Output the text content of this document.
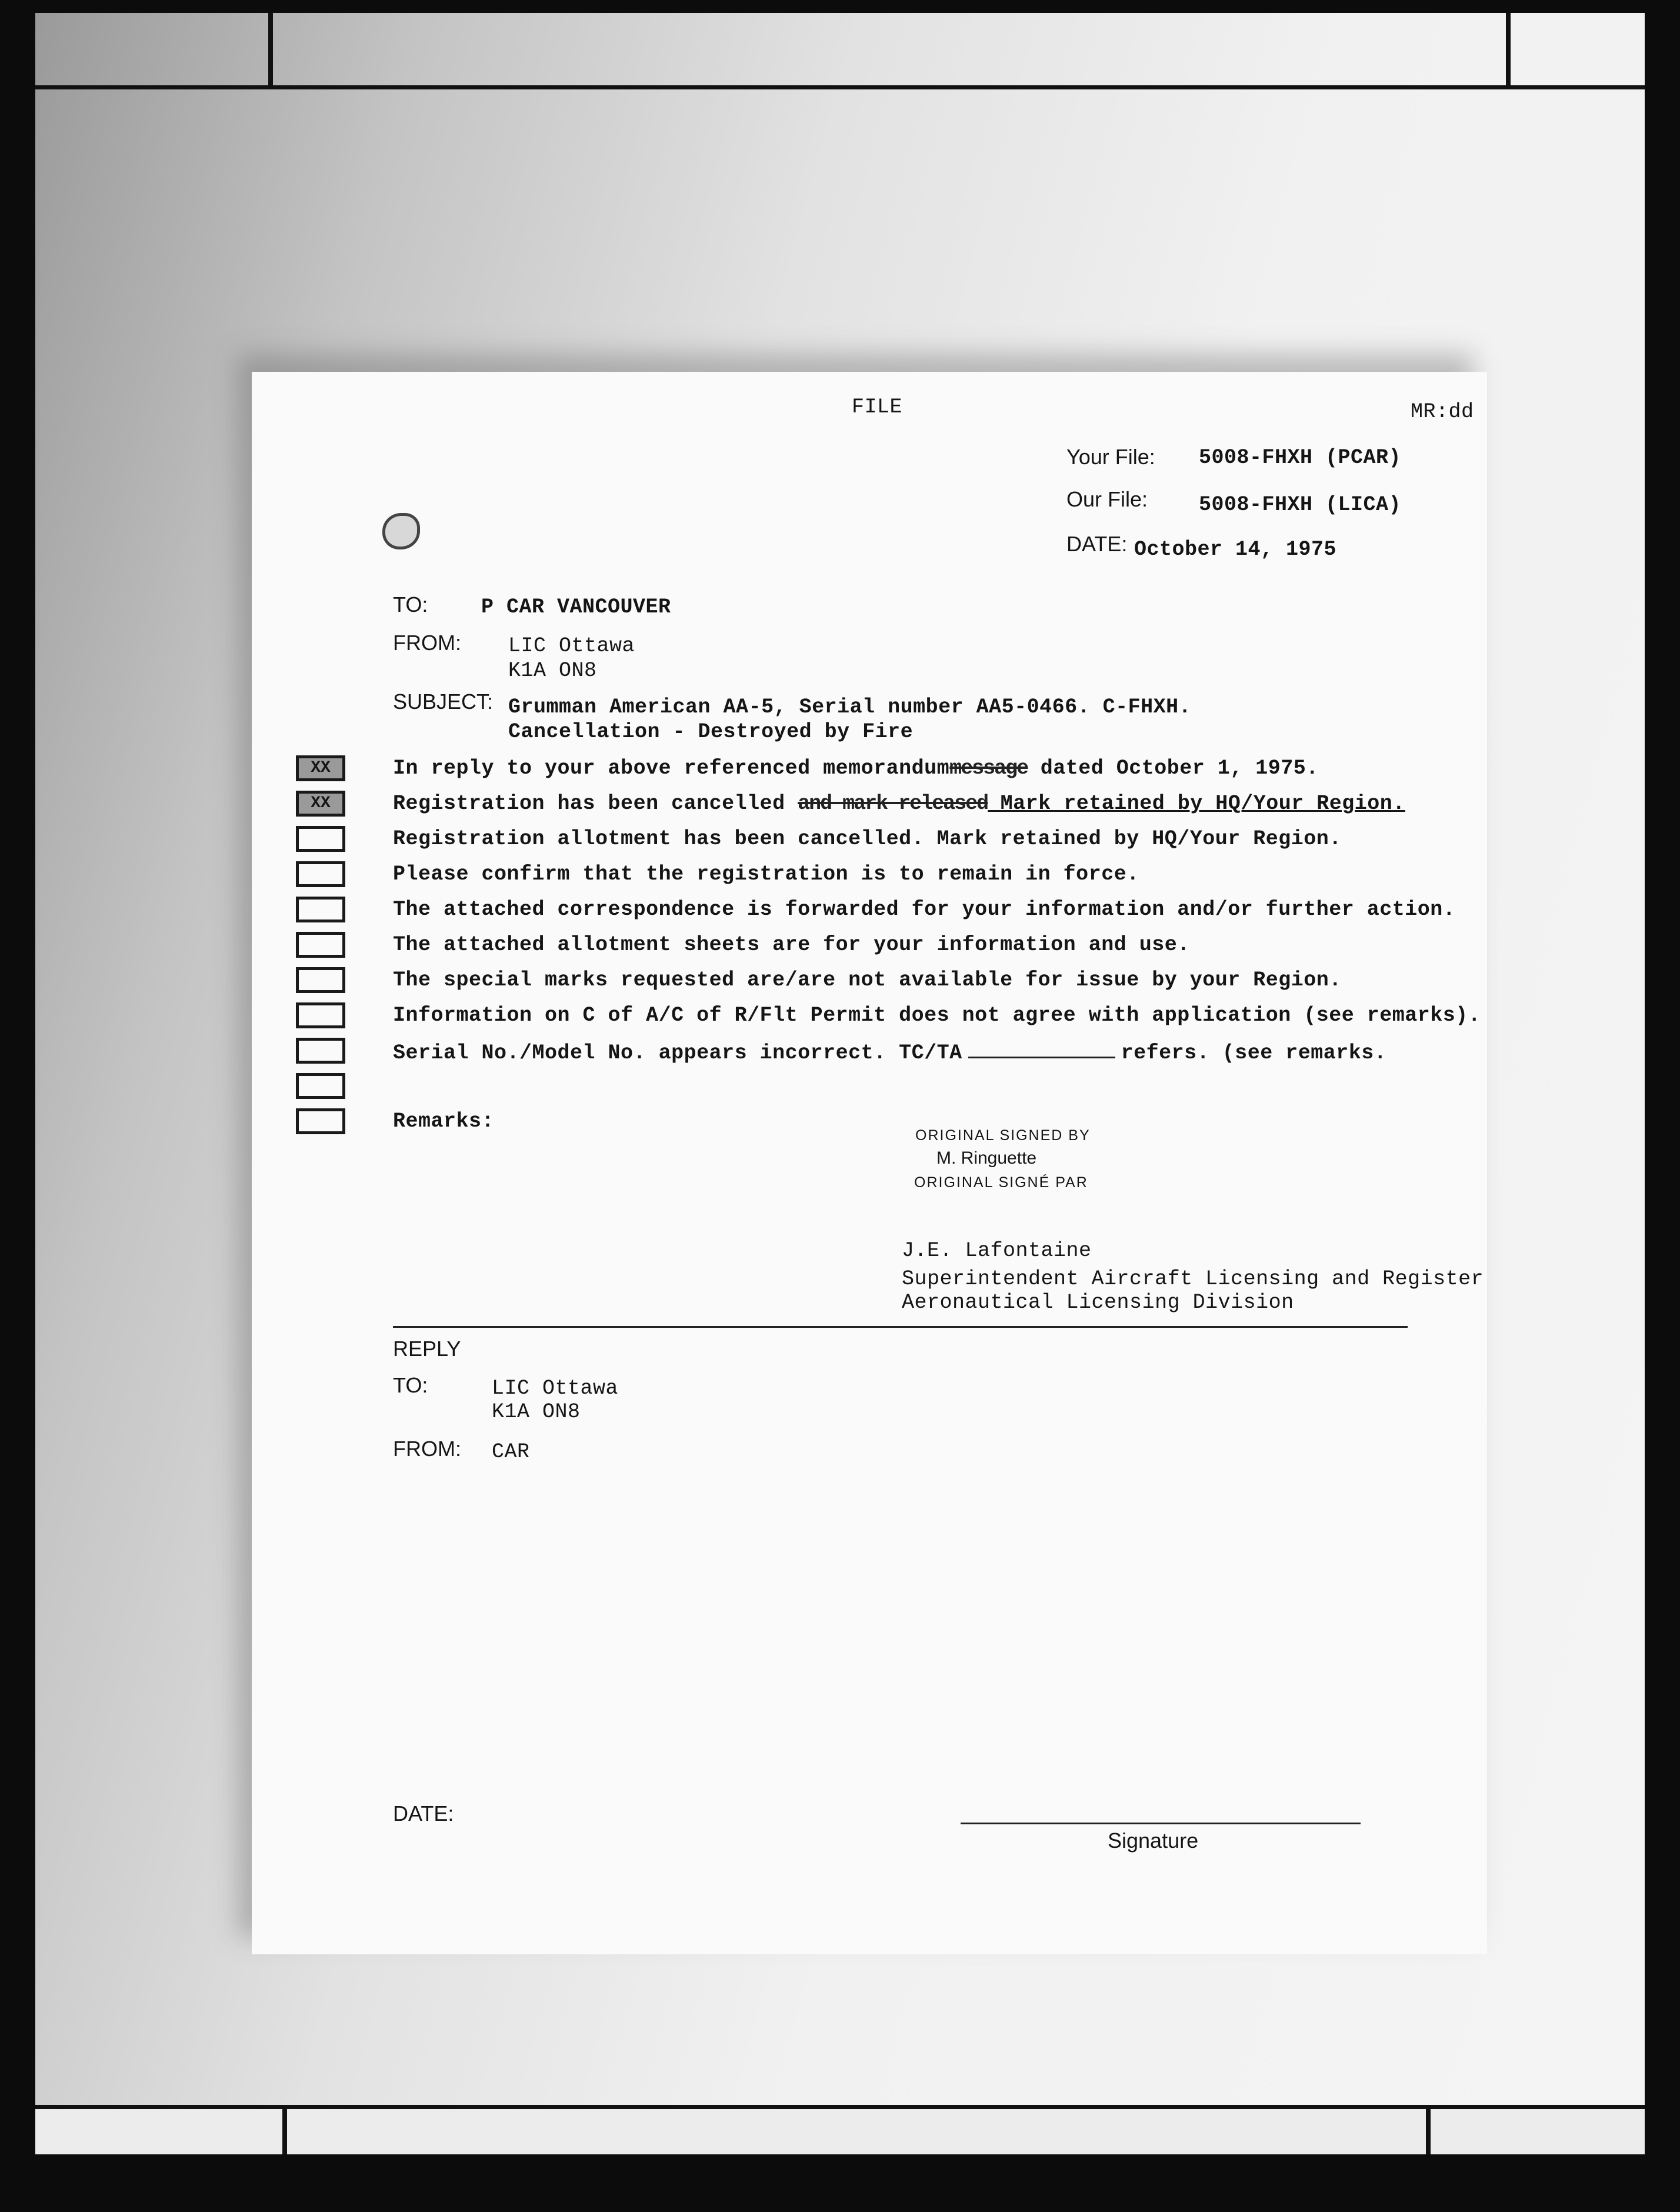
FILE	MR:dd
Your File: 5008-FHXH (PCAR)
Our File: 5008-FHXH (LICA)
DATE: October 14, 1975
TO:	P CAR VANCOUVER
FROM: LIC Ottawa
K1A ON8
SUBJECT: Grumman American AA-5, Serial number AA5-0466. C-FHXH.
Cancellation - Destroyed by Fire
XX
XX
In reply to your above referenced memorandummessage dated October 1, 1975.
Registration has been cancelled and mark released Mark retained by HQ/Your Region.
Registration allotment has been cancelled. Mark retained by HQ/Your Region.
Please confirm that the registration is to remain in force.
The attached correspondence is forwarded for your information and/or further action.
The attached allotment sheets are for your information and use.
The special marks requested are/are not available for issue by your Region.
Information on C of A/C of R/Flt Permit does not agree with application (see remarks).
Serial No./Model No. appears incorrect. TC/TA	refers. (see remarks.
Remarks:
ORIGINAL SIGNED BY
M. Ringuette
ORIGINAL SIGNÉ PAR
J.E. Lafontaine
Superintendent Aircraft Licensing and Register
Aeronautical Licensing Division
REPLY
TO:	LIC Ottawa
K1A ON8
FROM: CAR
DATE:
Signature
